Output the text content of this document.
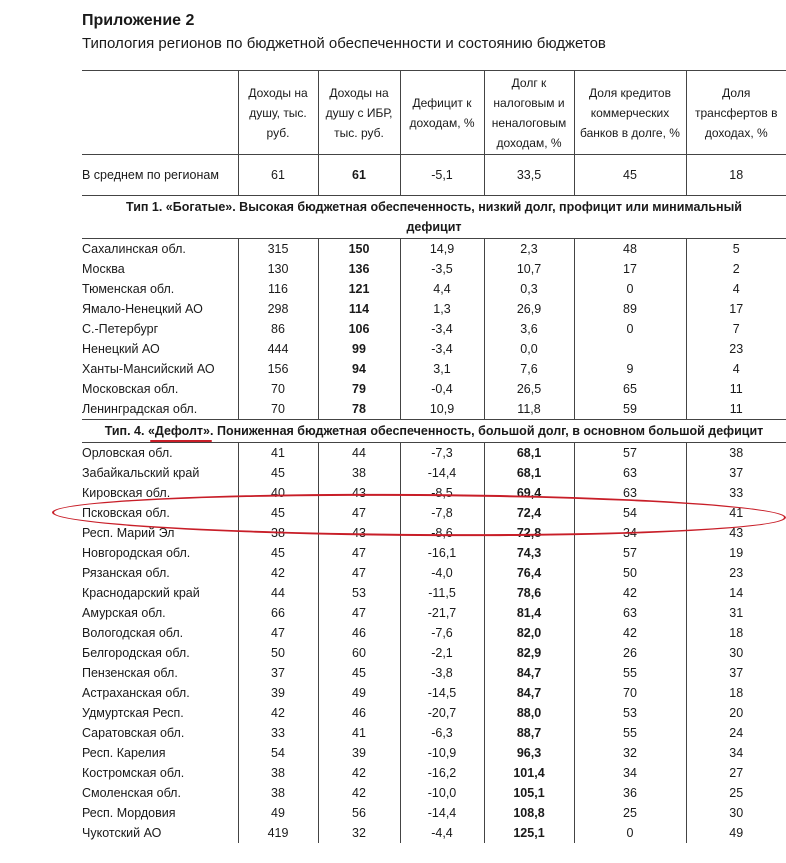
Приложение 2
Типология регионов по бюджетной обеспеченности и состоянию бюджетов
	Доходы на душу, тыс. руб.	Доходы на душу с ИБР, тыс. руб.	Дефицит к доходам, %	Долг к налоговым и неналоговым доходам, %	Доля кредитов коммерческих банков в долге, %	Доля трансфертов в доходах, %
В среднем по регионам	61	61	-5,1	33,5	45	18
Тип 1. «Богатые». Высокая бюджетная обеспеченность, низкий долг, профицит или минимальный дефицит						
Сахалинская обл.	315	150	14,9	2,3	48	5
Москва	130	136	-3,5	10,7	17	2
Тюменская обл.	116	121	4,4	0,3	0	4
Ямало-Ненецкий АО	298	114	1,3	26,9	89	17
С.-Петербург	86	106	-3,4	3,6	0	7
Ненецкий АО	444	99	-3,4	0,0		23
Ханты-Мансийский АО	156	94	3,1	7,6	9	4
Московская обл.	70	79	-0,4	26,5	65	11
Ленинградская обл.	70	78	10,9	11,8	59	11
Тип. 4. «Дефолт»
. Пониженная бюджетная обеспеченность, большой долг, в основном большой дефицит						
Орловская обл.	41	44	-7,3	68,1	57	38
Забайкальский край	45	38	-14,4	68,1	63	37
Кировская обл.	40	43	-8,5	69,4	63	33
Псковская обл.	45	47	-7,8	72,4	54	41
Респ. Марий Эл	38	43	-8,6	72,8	34	43
Новгородская обл.	45	47	-16,1	74,3	57	19
Рязанская обл.	42	47	-4,0	76,4	50	23
Краснодарский край	44	53	-11,5	78,6	42	14
Амурская обл.	66	47	-21,7	81,4	63	31
Вологодская обл.	47	46	-7,6	82,0	42	18
Белгородская обл.	50	60	-2,1	82,9	26	30
Пензенская обл.	37	45	-3,8	84,7	55	37
Астраханская обл.	39	49	-14,5	84,7	70	18
Удмуртская Респ.	42	46	-20,7	88,0	53	20
Саратовская обл.	33	41	-6,3	88,7	55	24
Респ. Карелия	54	39	-10,9	96,3	32	34
Костромская обл.	38	42	-16,2	101,4	34	27
Смоленская обл.	38	42	-10,0	105,1	36	25
Респ. Мордовия	49	56	-14,4	108,8	25	30
Чукотский АО	419	32	-4,4	125,1	0	49
